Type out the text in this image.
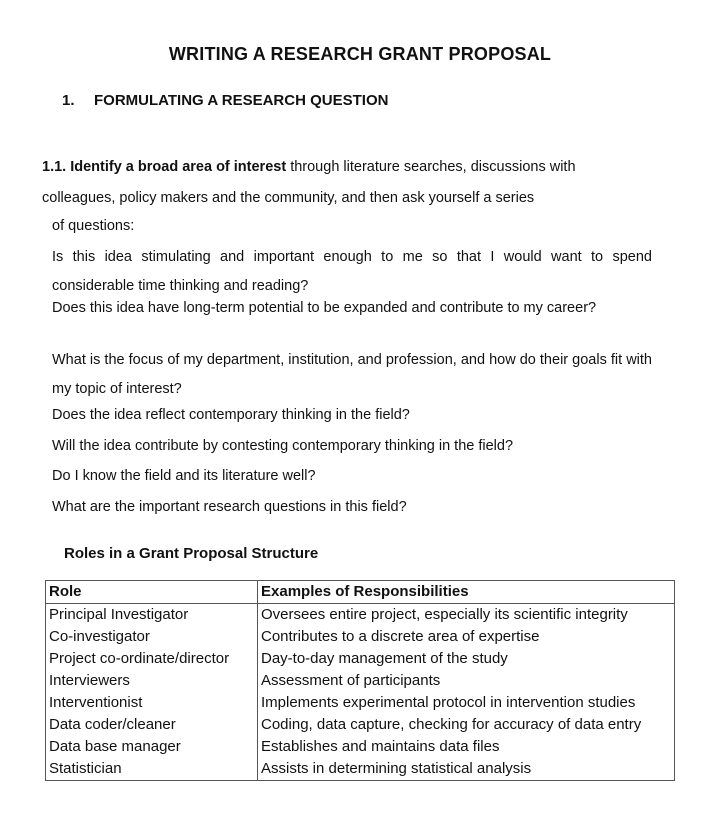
WRITING A RESEARCH GRANT PROPOSAL
1. FORMULATING A RESEARCH QUESTION
1.1. Identify a broad area of interest through literature searches, discussions with
colleagues, policy makers and the community, and then ask yourself a series
of questions:
Is this idea stimulating and important enough to me so that I would want to spend considerable time thinking and reading?
Does this idea have long-term potential to be expanded and contribute to my career?
What is the focus of my department, institution, and profession, and how do their goals fit with my topic of interest?
Does the idea reflect contemporary thinking in the field?
Will the idea contribute by contesting contemporary thinking in the field?
Do I know the field and its literature well?
What are the important research questions in this field?
Roles in a Grant Proposal Structure
Role	Examples of Responsibilities
Principal Investigator	Oversees entire project, especially its scientific integrity
Co-investigator	Contributes to a discrete area of expertise
Project co-ordinate/director	Day-to-day management of the study
Interviewers	Assessment of participants
Interventionist	Implements experimental protocol in intervention studies
Data coder/cleaner	Coding, data capture, checking for accuracy of data entry
Data base manager	Establishes and maintains data files
Statistician	Assists in determining statistical analysis
